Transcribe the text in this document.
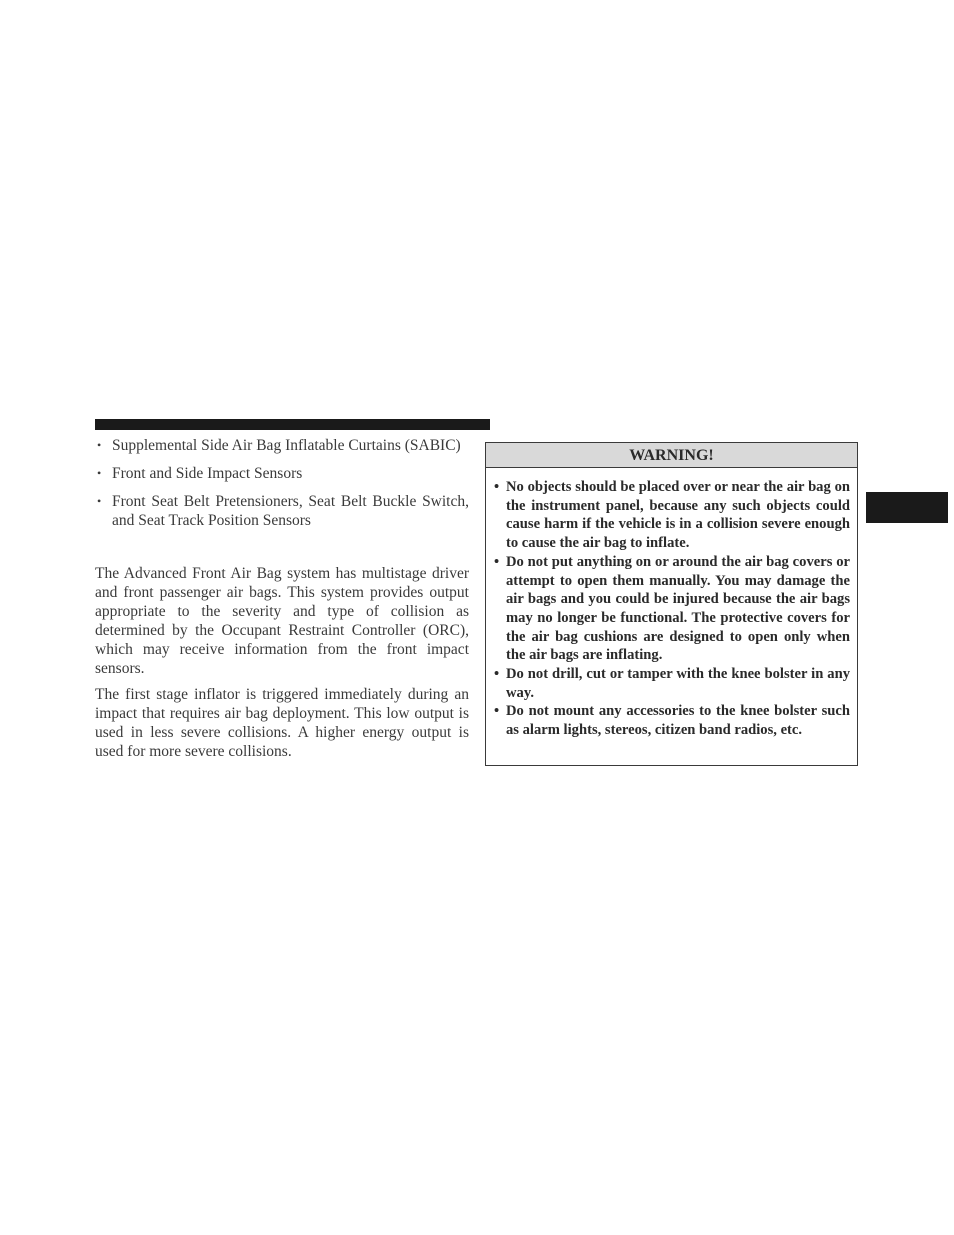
• Supplemental Side Air Bag Inflatable Curtains (SABIC)
• Front and Side Impact Sensors
• Front Seat Belt Pretensioners, Seat Belt Buckle Switch, and Seat Track Position Sensors

The Advanced Front Air Bag system has multistage driver and front passenger air bags. This system provides output appropriate to the severity and type of collision as determined by the Occupant Restraint Controller (ORC), which may receive information from the front impact sensors.

The first stage inflator is triggered immediately during an impact that requires air bag deployment. This low output is used in less severe collisions. A higher energy output is used for more severe collisions.

WARNING!
• No objects should be placed over or near the air bag on the instrument panel, because any such objects could cause harm if the vehicle is in a collision severe enough to cause the air bag to inflate.
• Do not put anything on or around the air bag covers or attempt to open them manually. You may damage the air bags and you could be injured because the air bags may no longer be functional. The protective covers for the air bag cushions are designed to open only when the air bags are inflating.
• Do not drill, cut or tamper with the knee bolster in any way.
• Do not mount any accessories to the knee bolster such as alarm lights, stereos, citizen band radios, etc.
